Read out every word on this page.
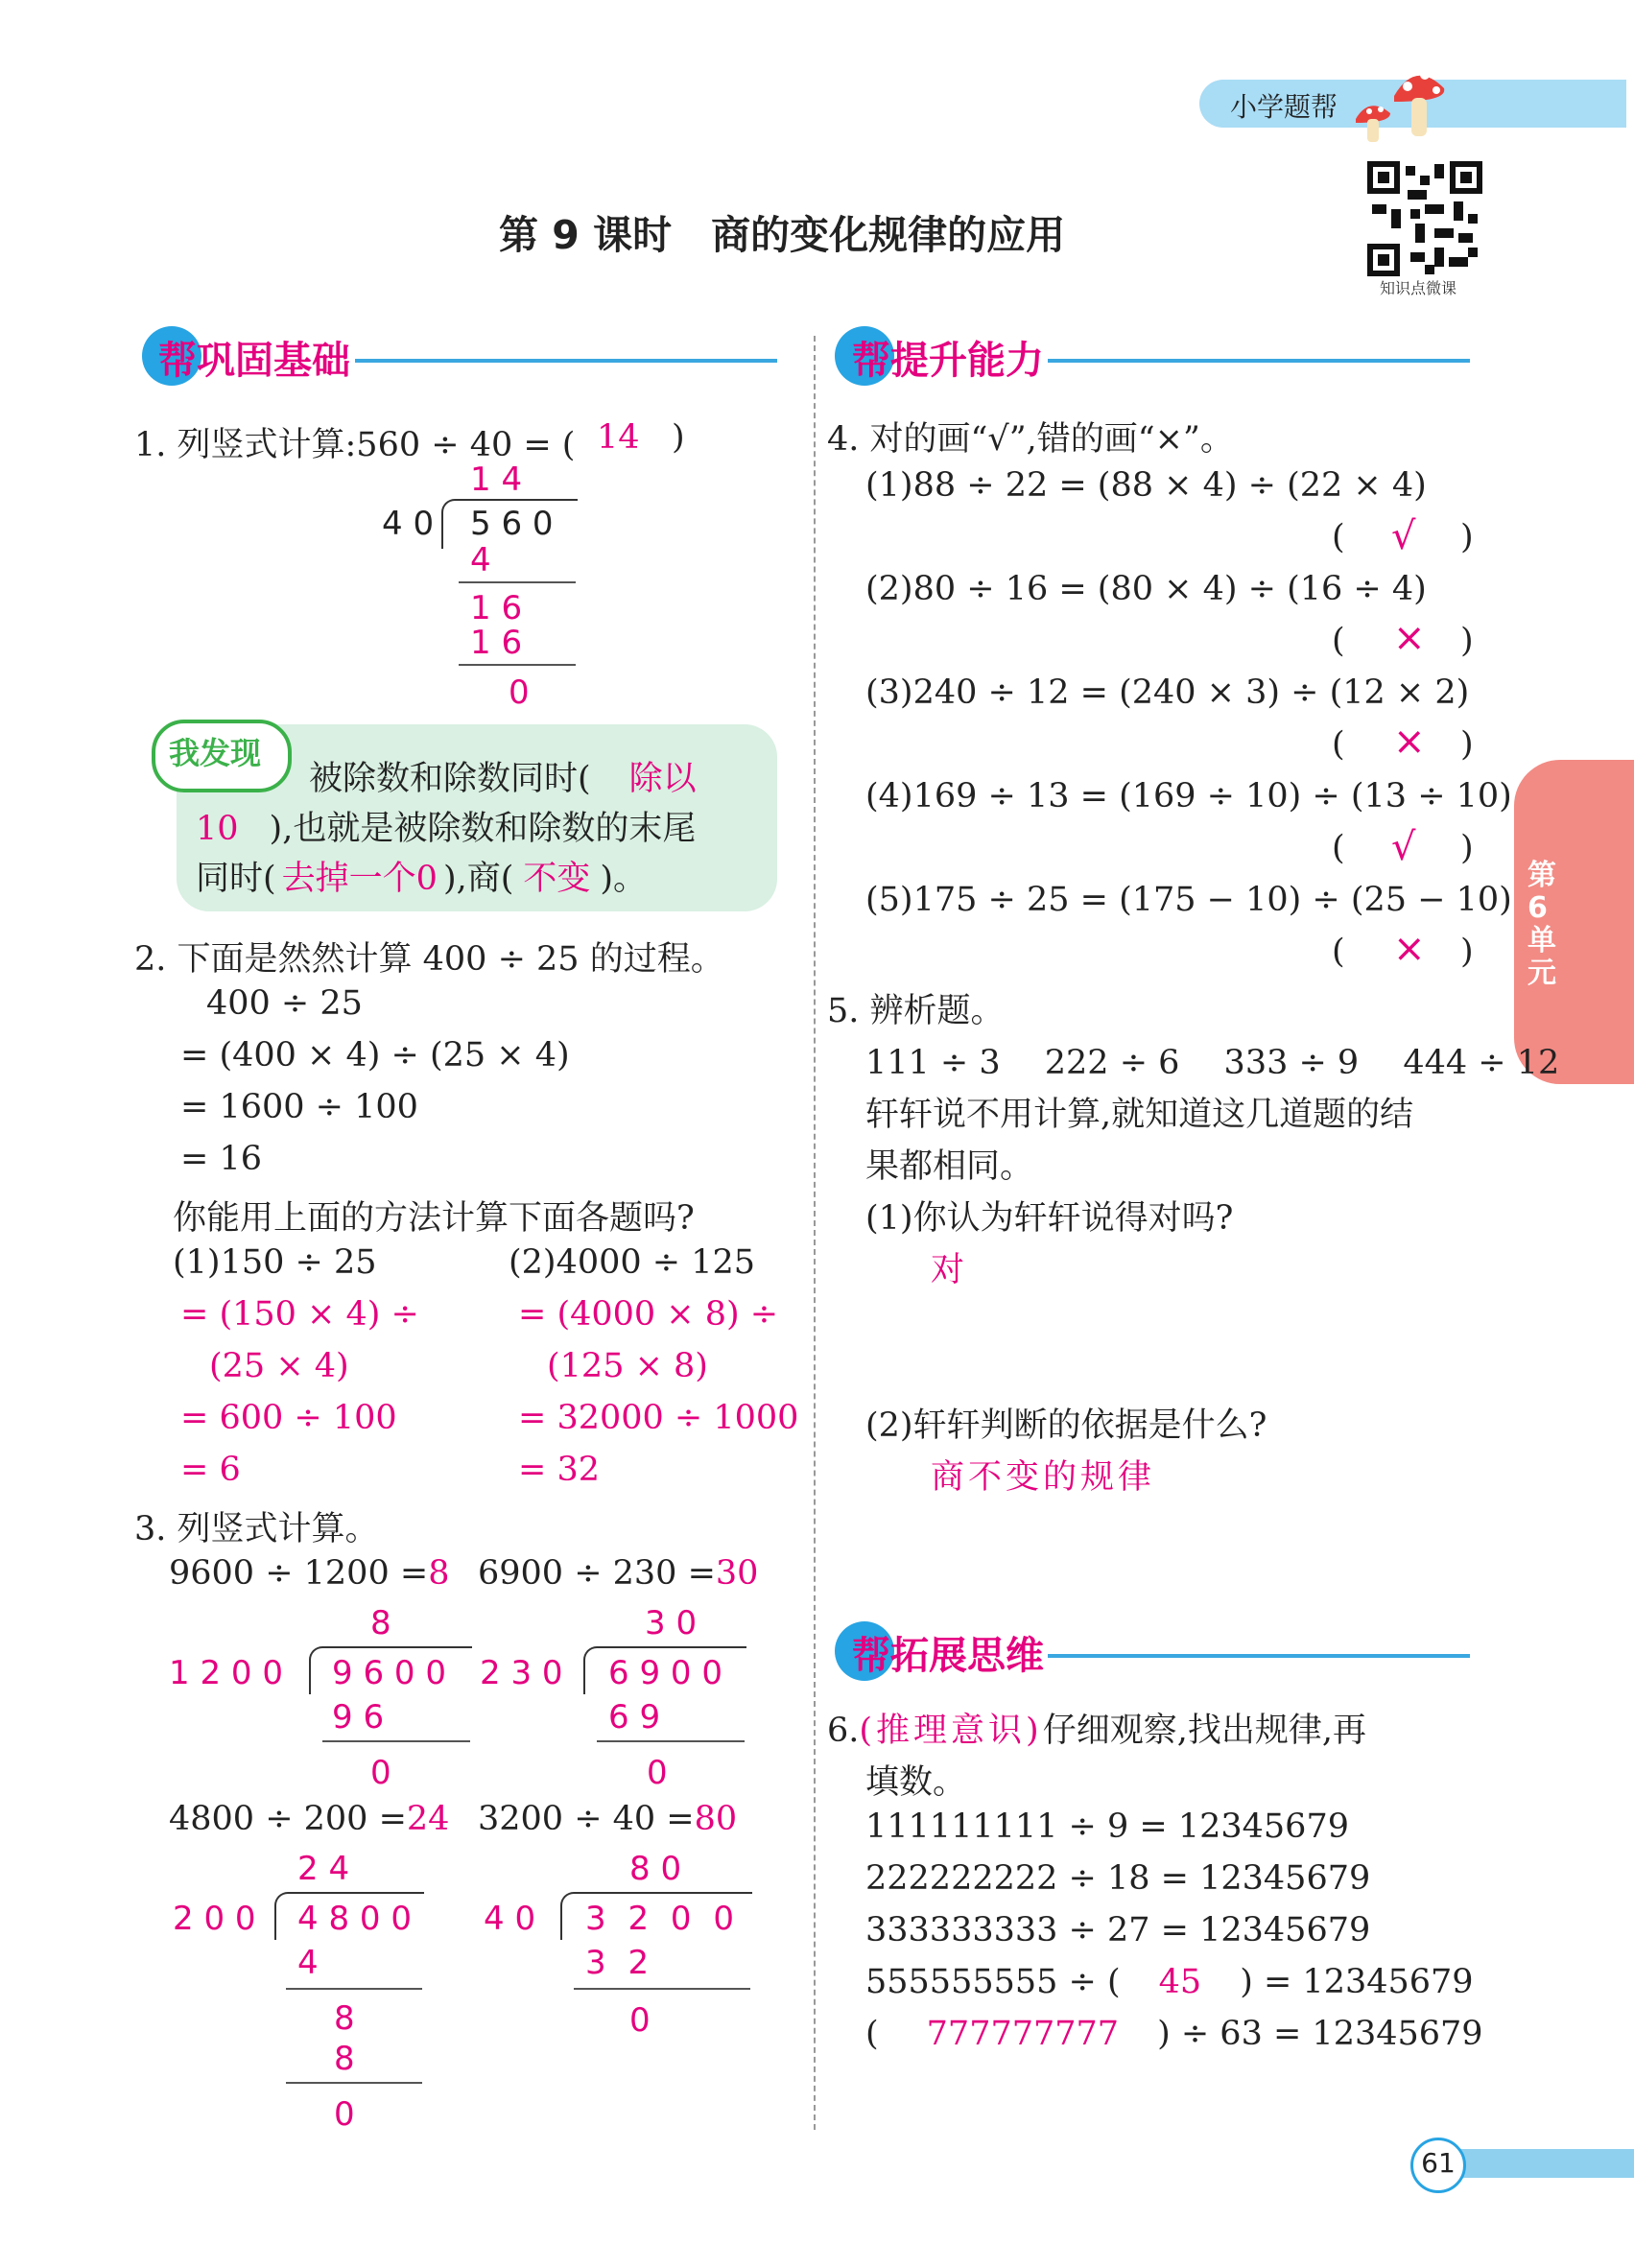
小学题帮
知识点微课
第 9 课时　商的变化规律的应用
第6单元
61
帮巩固基础	帮提升能力
帮拓展思维
1. 列竖式计算:560 ÷ 40 = ( 14 )
1 4
4 0 5 6 0
4
1 6
1 6
0
我发现
被除数和除数同时( 除以
10 ),也就是被除数和除数的末尾
同时( 去掉一个0 ),商( 不变 )。
2. 下面是然然计算 400 ÷ 25 的过程。
400 ÷ 25
= (400 × 4) ÷ (25 × 4)
= 1600 ÷ 100
= 16
你能用上面的方法计算下面各题吗?
(1)150 ÷ 25	(2)4000 ÷ 125
= (150 × 4) ÷
(25 × 4)
= 600 ÷ 100
= 6
= (4000 × 8) ÷
(125 × 8)
= 32000 ÷ 1000
= 32
3. 列竖式计算。
9600 ÷ 1200 =8
8
1 2 0 0 9 6 0 0
9 6
0
6900 ÷ 230 =30
3 0
2 3 0 6 9 0 0
6 9
0
4800 ÷ 200 =24
2 4
2 0 0 4 8 0 0
4
8
8
0
3200 ÷ 40 =80
8 0
4 0 3 2 0 0
3 2
0
4. 对的画“√”,错的画“×”。
(1)88 ÷ 22 = (88 × 4) ÷ (22 × 4)
( √ )
(2)80 ÷ 16 = (80 × 4) ÷ (16 ÷ 4)
( × )
(3)240 ÷ 12 = (240 × 3) ÷ (12 × 2)
( × )
(4)169 ÷ 13 = (169 ÷ 10) ÷ (13 ÷ 10)
( √ )
(5)175 ÷ 25 = (175 − 10) ÷ (25 − 10)
( × )
5. 辨析题。
111 ÷ 3　 222 ÷ 6　 333 ÷ 9　 444 ÷ 12
轩轩说不用计算,就知道这几道题的结
果都相同。
(1)你认为轩轩说得对吗?
对
(2)轩轩判断的依据是什么?
商不变的规律
6.(推理意识)仔细观察,找出规律,再
填数。
111111111 ÷ 9 = 12345679
222222222 ÷ 18 = 12345679
333333333 ÷ 27 = 12345679
555555555 ÷ ( 45 ) = 12345679
( 777777777 ) ÷ 63 = 12345679
